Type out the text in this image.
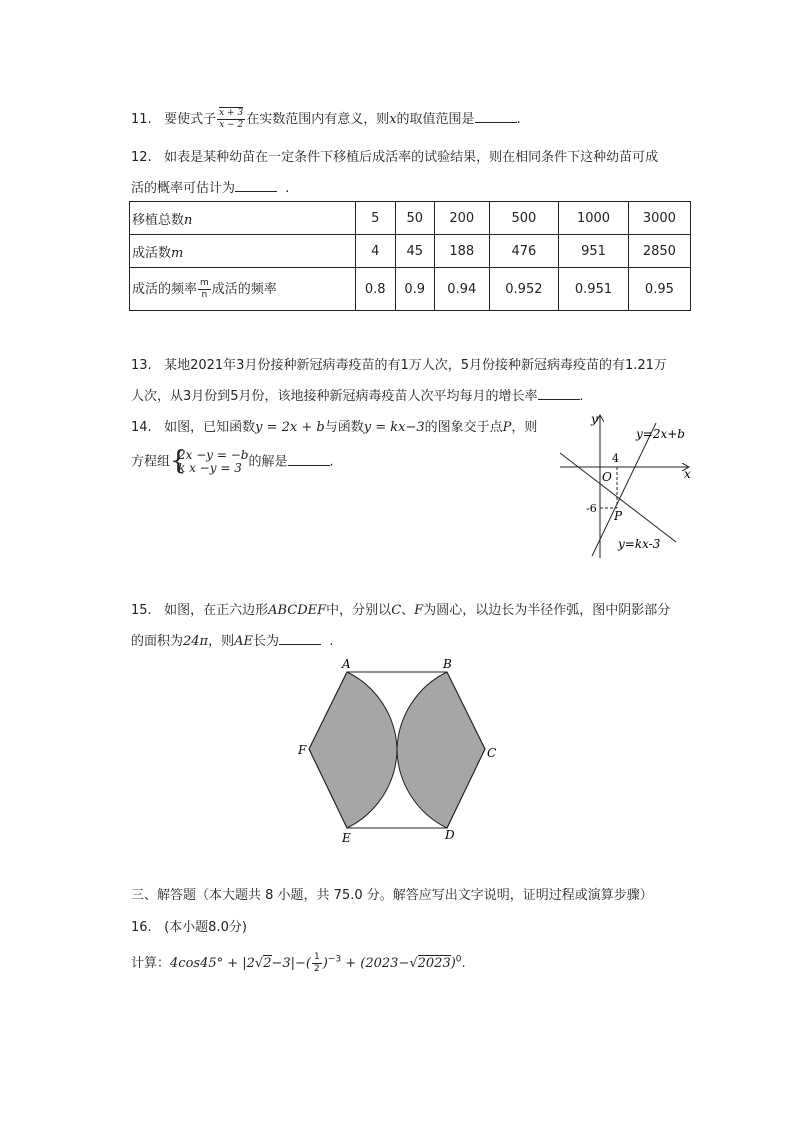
11. 要使式子 $\frac{x + 3}{x - 2}$ 在实数范围内有意义，则x的取值范围是	.
12. 如表是某种幼苗在一定条件下移植后成活率的试验结果，则在相同条件下这种幼苗可成
活的概率可估计为	.
移植总数n	5	50	200	500	1000	3000
成活数m	4	45	188	476	951	2850
成活的频率 $\frac{m}{n}$ 成活的频率	0.8	0.9	0.94	0.952	0.951	0.95
13. 某地2021年3月份接种新冠病毒疫苗的有1万人次，5月份接种新冠病毒疫苗的有1.21万
人次，从3月份到5月份，该地接种新冠病毒疫苗人次平均每月的增长率	.
14. 如图，已知函数y = 2x + b与函数y = kx−3的图象交于点P，则
方程组 {
2x −y = −b
k x −y = 3 的解是	.
y
x
O
4
-6
P
y=2x+b
y=kx-3
15. 如图，在正六边形ABCDEF中，分别以C、F为圆心，以边长为半径作弧，图中阴影部分
的面积为24π，则AE长为	.
A	B
C
D
E
F
三、解答题（本大题共 8 小题，共 75.0 分。解答应写出文字说明，证明过程或演算步骤）
16. (本小题8.0分)
计算：$4\cos 45^\circ + |2√2-3|-( \frac{1}{2} )^{-3} + (2023-√2023)^0$.
